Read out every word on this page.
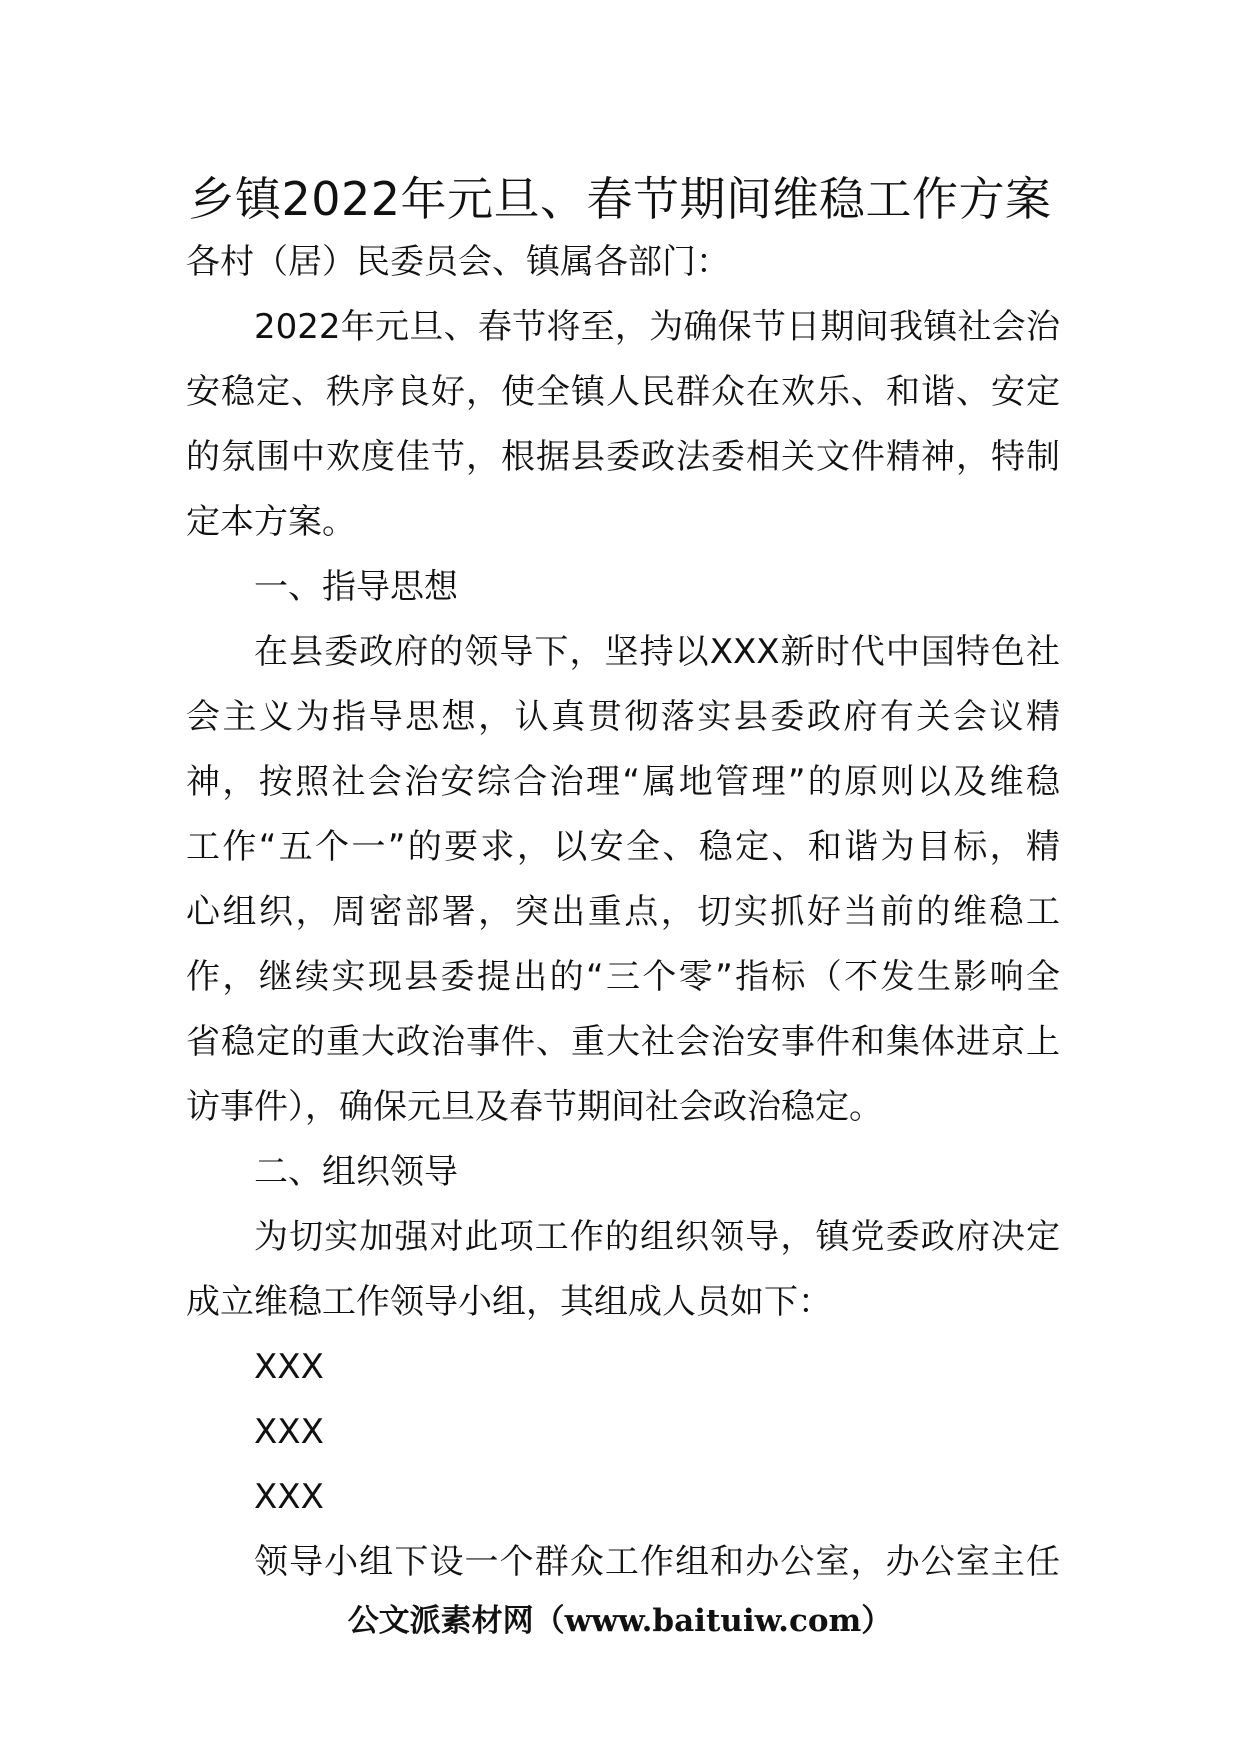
乡镇2022年元旦、春节期间维稳工作方案

各村（居）民委员会、镇属各部门：

2022年元旦、春节将至，为确保节日期间我镇社会治

安稳定、秩序良好，使全镇人民群众在欢乐、和谐、安定

的氛围中欢度佳节，根据县委政法委相关文件精神，特制

定本方案。

一、指导思想

在县委政府的领导下，坚持以XXX新时代中国特色社

会主义为指导思想，认真贯彻落实县委政府有关会议精

神，按照社会治安综合治理“属地管理”的原则以及维稳

工作“五个一”的要求，以安全、稳定、和谐为目标，精

心组织，周密部署，突出重点，切实抓好当前的维稳工

作，继续实现县委提出的“三个零”指标（不发生影响全

省稳定的重大政治事件、重大社会治安事件和集体进京上

访事件），确保元旦及春节期间社会政治稳定。

二、组织领导

为切实加强对此项工作的组织领导，镇党委政府决定

成立维稳工作领导小组，其组成人员如下：

XXX

XXX

XXX

领导小组下设一个群众工作组和办公室，办公室主任

公文派素材网（www.baituiw.com）
